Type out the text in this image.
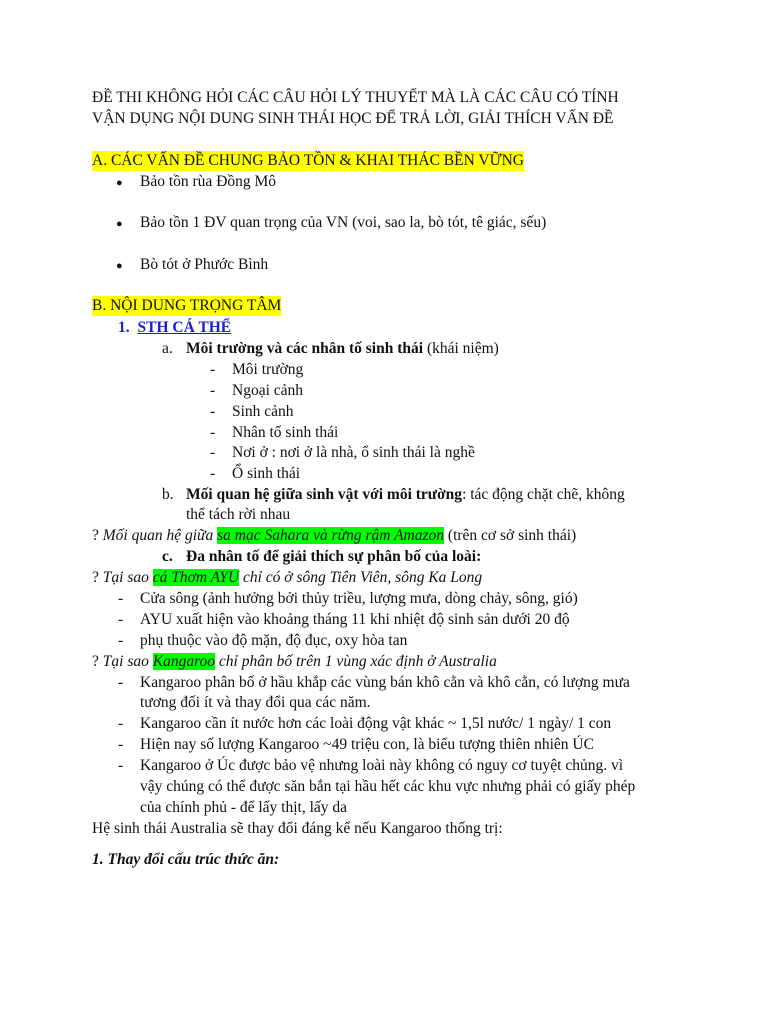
ĐỀ THI KHÔNG HỎI CÁC CÂU HỎI LÝ THUYẾT MÀ LÀ CÁC CÂU CÓ TÍNH
VẬN DỤNG NỘI DUNG SINH THÁI HỌC ĐỂ TRẢ LỜI, GIẢI THÍCH VẤN ĐỀ
A. CÁC VẤN ĐỀ CHUNG BẢO TỒN & KHAI THÁC BỀN VỮNG
● Bảo tồn rùa Đồng Mô
● Bảo tồn 1 ĐV quan trọng của VN (voi, sao la, bò tót, tê giác, sếu)
● Bò tót ở Phước Bình
B. NỘI DUNG TRỌNG TÂM
1. STH CÁ THỂ
a. Môi trường và các nhân tố sinh thái (khái niệm)
- Môi trường
- Ngoại cảnh
- Sinh cảnh
- Nhân tố sinh thái
- Nơi ở : nơi ở là nhà, ổ sinh thái là nghề
- Ổ sinh thái
b. Mối quan hệ giữa sinh vật với môi trường: tác động chặt chẽ, không
thể tách rời nhau
? Mối quan hệ giữa sa mạc Sahara và rừng rậm Amazon (trên cơ sở sinh thái)
c. Đa nhân tố để giải thích sự phân bố của loài:
? Tại sao cá Thơm AYU chỉ có ở sông Tiên Viên, sông Ka Long
- Cửa sông (ảnh hưởng bởi thủy triều, lượng mưa, dòng chảy, sông, gió)
- AYU xuất hiện vào khoảng tháng 11 khi nhiệt độ sinh sản dưới 20 độ
- phụ thuộc vào độ mặn, độ đục, oxy hòa tan
? Tại sao Kangaroo chỉ phân bố trên 1 vùng xác định ở Australia
- Kangaroo phân bố ở hầu khắp các vùng bán khô cằn và khô cằn, có lượng mưa
tương đối ít và thay đổi qua các năm.
- Kangaroo cần ít nước hơn các loài động vật khác ~ 1,5l nước/ 1 ngày/ 1 con
- Hiện nay số lượng Kangaroo ~49 triệu con, là biểu tượng thiên nhiên ÚC
- Kangaroo ở Úc được bảo vệ nhưng loài này không có nguy cơ tuyệt chủng. vì
vậy chúng có thể được săn bắn tại hầu hết các khu vực nhưng phải có giấy phép
của chính phủ - để lấy thịt, lấy da
Hệ sinh thái Australia sẽ thay đổi đáng kể nếu Kangaroo thống trị:
1. Thay đổi cấu trúc thức ăn:
